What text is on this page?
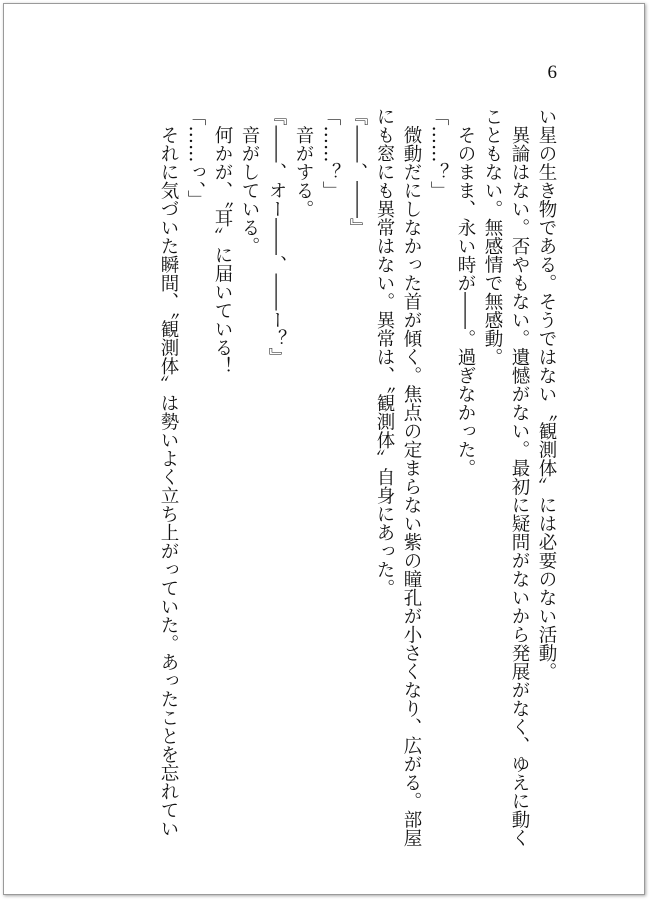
6
い星の生き物である。そうではない〝観測体〟には必要のない活動。
　異論はない。否やもない。遺憾がない。最初に疑問がないから発展がなく、ゆえに動く
こともない。無感情で無感動。
　そのまま、永い時が――。過ぎなかった。
「……？」
　微動だにしなかった首が傾く。焦点の定まらない紫の瞳孔が小さくなり、広がる。部屋
にも窓にも異常はない。異常は、〝観測体〟自身にあった。
『――、――』
「……？」
　音がする。
『――、オー――、――ー？』
　音がしている。
　何かが、〝耳〟に届いている！
「……っ、」
　それに気づいた瞬間、〝観測体〟は勢いよく立ち上がっていた。あったことを忘れてい
